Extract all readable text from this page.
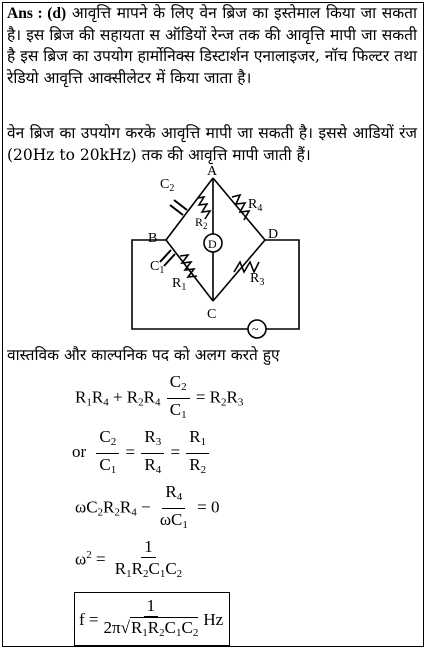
Ans : (d) आवृत्ति मापने के लिए वेन ब्रिज का इस्तेमाल किया जा सकता है। इस ब्रिज की सहायता स ऑडियों रेन्ज तक की आवृत्ति मापी जा सकती है इस ब्रिज का उपयोग हार्मोनिक्स डिस्टार्शन एनालाइजर, नॉच फिल्टर तथा रेडियो आवृत्ति आक्सीलेटर में किया जाता है।
वेन ब्रिज का उपयोग करके आवृत्ति मापी जा सकती है। इससे आडियों रंज (20Hz to 20kHz) तक की आवृत्ति मापी जाती हैं।
A
B
C
D
D
~
$C_2$
$R_2$
$R_4$
$C_1$
$R_1$
$R_3$
वास्तविक और काल्पनिक पद को अलग करते हुए
$R_1R_4 + R_2R_4 \frac{C_2}{C_1} = R_2R_3$
or $\frac{C_2}{C_1} = \frac{R_3}{R_4} = \frac{R_1}{R_2}$
$\omega C_2R_2R_4 - \frac{R_4}{\omega C_1} = 0$
$\omega^2 = \frac{1}{R_1R_2C_1C_2}$
f
= $\frac{1}{2\pi√R_1R_2C_1C_2}$ Hz
